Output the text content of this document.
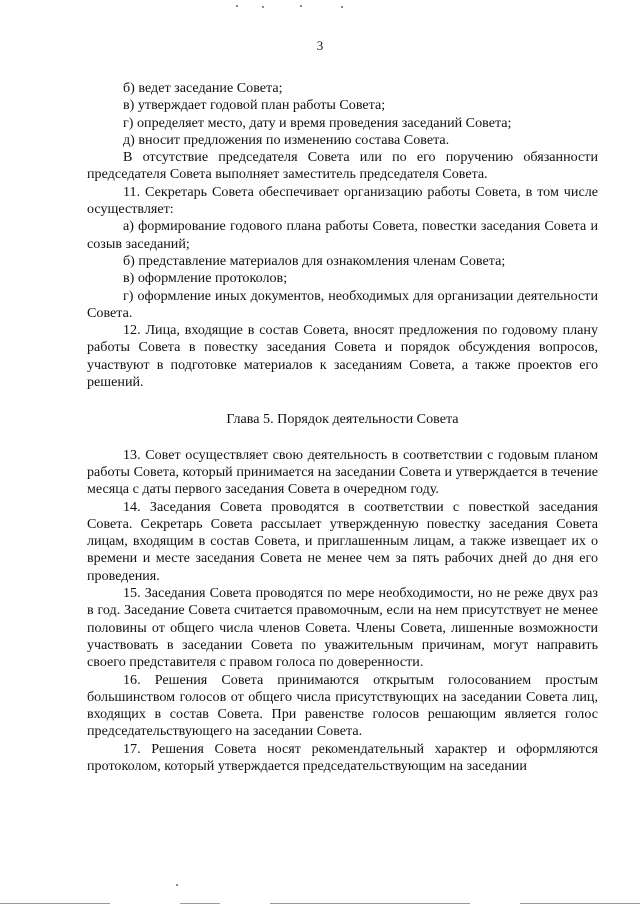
3

б) ведет заседание Совета;

в) утверждает годовой план работы Совета;

г) определяет место, дату и время проведения заседаний Совета;

д) вносит предложения по изменению состава Совета.

В отсутствие председателя Совета или по его поручению обязанности председателя Совета выполняет заместитель председателя Совета.

11. Секретарь Совета обеспечивает организацию работы Совета, в том числе осуществляет:

а) формирование годового плана работы Совета, повестки заседания Совета и созыв заседаний;

б) представление материалов для ознакомления членам Совета;

в) оформление протоколов;

г) оформление иных документов, необходимых для организации деятельности Совета.

12. Лица, входящие в состав Совета, вносят предложения по годовому плану работы Совета в повестку заседания Совета и порядок обсуждения вопросов, участвуют в подготовке материалов к заседаниям Совета, а также проектов его решений.

Глава 5. Порядок деятельности Совета

13. Совет осуществляет свою деятельность в соответствии с годовым планом работы Совета, который принимается на заседании Совета и утверждается в течение месяца с даты первого заседания Совета в очередном году.

14. Заседания Совета проводятся в соответствии с повесткой заседания Совета. Секретарь Совета рассылает утвержденную повестку заседания Совета лицам, входящим в состав Совета, и приглашенным лицам, а также извещает их о времени и месте заседания Совета не менее чем за пять рабочих дней до дня его проведения.

15. Заседания Совета проводятся по мере необходимости, но не реже двух раз в год. Заседание Совета считается правомочным, если на нем присутствует не менее половины от общего числа членов Совета. Члены Совета, лишенные возможности участвовать в заседании Совета по уважительным причинам, могут направить своего представителя с правом голоса по доверенности.

16. Решения Совета принимаются открытым голосованием простым большинством голосов от общего числа присутствующих на заседании Совета лиц, входящих в состав Совета. При равенстве голосов решающим является голос председательствующего на заседании Совета.

17. Решения Совета носят рекомендательный характер и оформляются протоколом, который утверждается председательствующим на заседании
